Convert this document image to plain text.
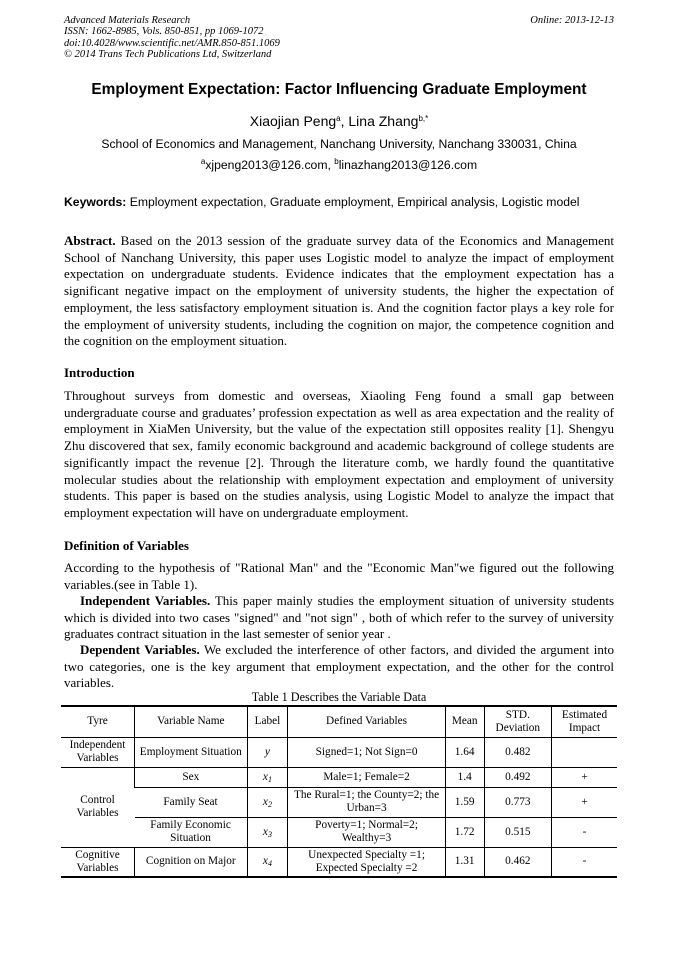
Advanced Materials Research
ISSN: 1662-8985, Vols. 850-851, pp 1069-1072
doi:10.4028/www.scientific.net/AMR.850-851.1069
© 2014 Trans Tech Publications Ltd, Switzerland
Online: 2013-12-13
Employment Expectation: Factor Influencing Graduate Employment
Xiaojian Peng$^a$, Lina Zhang$^{b,*}$
School of Economics and Management, Nanchang University, Nanchang 330031, China
$^a$xjpeng2013@126.com, $^b$linazhang2013@126.com
Keywords: Employment expectation, Graduate employment, Empirical analysis, Logistic model

Abstract. Based on the 2013 session of the graduate survey data of the Economics and Management School of Nanchang University, this paper uses Logistic model to analyze the impact of employment expectation on undergraduate students. Evidence indicates that the employment expectation has a significant negative impact on the employment of university students, the higher the expectation of employment, the less satisfactory employment situation is. And the cognition factor plays a key role for the employment of university students, including the cognition on major, the competence cognition and the cognition on the employment situation.

Introduction

Throughout surveys from domestic and overseas, Xiaoling Feng found a small gap between undergraduate course and graduates’ profession expectation as well as area expectation and the reality of employment in XiaMen University, but the value of the expectation still opposites reality [1]. Shengyu Zhu discovered that sex, family economic background and academic background of college students are significantly impact the revenue [2]. Through the literature comb, we hardly found the quantitative molecular studies about the relationship with employment expectation and employment of university students. This paper is based on the studies analysis, using Logistic Model to analyze the impact that employment expectation will have on undergraduate employment.

Definition of Variables

According to the hypothesis of "Rational Man" and the "Economic Man"we figured out the following variables.(see in Table 1).

Independent Variables. This paper mainly studies the employment situation of university students which is divided into two cases "signed" and "not sign" , both of which refer to the survey of university graduates contract situation in the last semester of senior year .

Dependent Variables. We excluded the interference of other factors, and divided the argument into two categories, one is the key argument that employment expectation, and the other for the control variables.

Table 1 Describes the Variable Data
Tyre	Variable Name	Label	Defined Variables	Mean	STD. Deviation	Estimated Impact
Independent Variables	Employment Situation	y	Signed=1; Not Sign=0	1.64	0.482	
Control Variables	Sex	$x_1$	Male=1; Female=2	1.4	0.492	+
	Family Seat	$x_2$	The Rural=1; the County=2; the Urban=3	1.59	0.773	+
	Family Economic Situation	$x_3$	Poverty=1; Normal=2; Wealthy=3	1.72	0.515	-
Cognitive Variables	Cognition on Major	$x_4$	Unexpected Specialty =1; Expected Specialty =2	1.31	0.462	-
